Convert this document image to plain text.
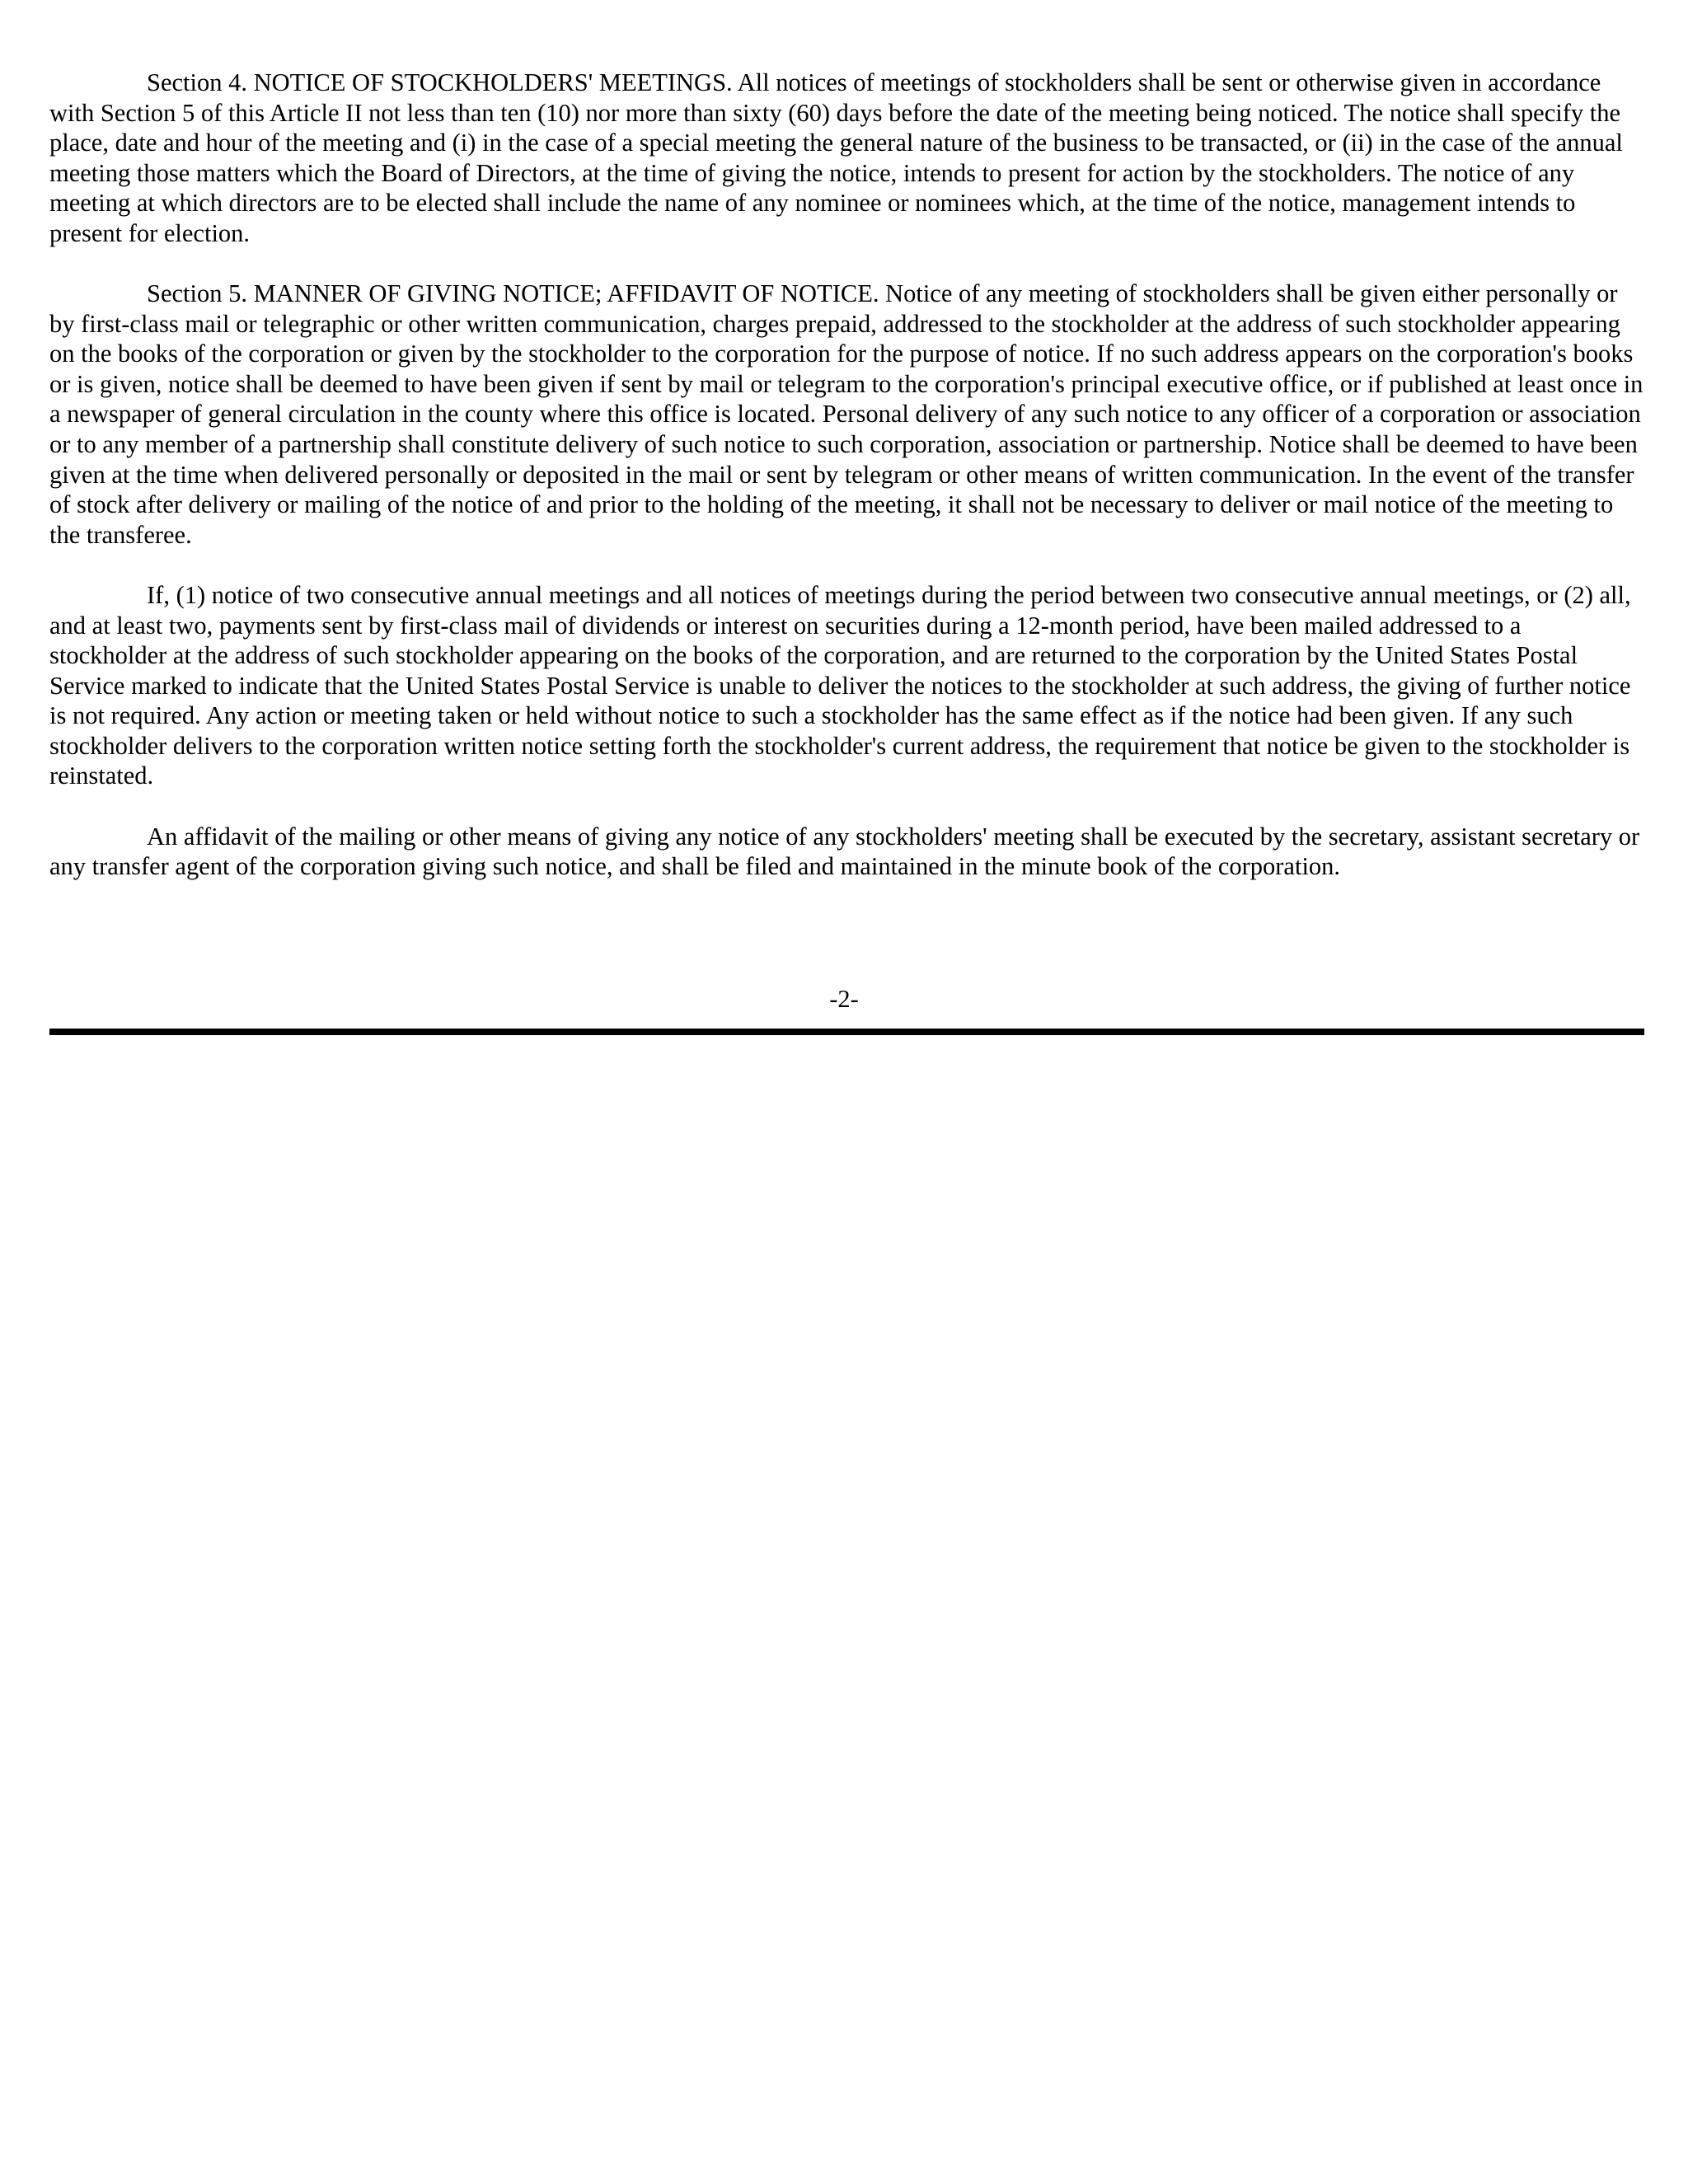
Section 4. NOTICE OF STOCKHOLDERS' MEETINGS. All notices of meetings of stockholders shall be sent or otherwise given in accordance with Section 5 of this Article II not less than ten (10) nor more than sixty (60) days before the date of the meeting being noticed. The notice shall specify the place, date and hour of the meeting and (i) in the case of a special meeting the general nature of the business to be transacted, or (ii) in the case of the annual meeting those matters which the Board of Directors, at the time of giving the notice, intends to present for action by the stockholders. The notice of any meeting at which directors are to be elected shall include the name of any nominee or nominees which, at the time of the notice, management intends to present for election.

Section 5. MANNER OF GIVING NOTICE; AFFIDAVIT OF NOTICE. Notice of any meeting of stockholders shall be given either personally or by first-class mail or telegraphic or other written communication, charges prepaid, addressed to the stockholder at the address of such stockholder appearing on the books of the corporation or given by the stockholder to the corporation for the purpose of notice. If no such address appears on the corporation's books or is given, notice shall be deemed to have been given if sent by mail or telegram to the corporation's principal executive office, or if published at least once in a newspaper of general circulation in the county where this office is located. Personal delivery of any such notice to any officer of a corporation or association or to any member of a partnership shall constitute delivery of such notice to such corporation, association or partnership. Notice shall be deemed to have been given at the time when delivered personally or deposited in the mail or sent by telegram or other means of written communication. In the event of the transfer of stock after delivery or mailing of the notice of and prior to the holding of the meeting, it shall not be necessary to deliver or mail notice of the meeting to the transferee.

If, (1) notice of two consecutive annual meetings and all notices of meetings during the period between two consecutive annual meetings, or (2) all, and at least two, payments sent by first-class mail of dividends or interest on securities during a 12-month period, have been mailed addressed to a stockholder at the address of such stockholder appearing on the books of the corporation, and are returned to the corporation by the United States Postal Service marked to indicate that the United States Postal Service is unable to deliver the notices to the stockholder at such address, the giving of further notice is not required. Any action or meeting taken or held without notice to such a stockholder has the same effect as if the notice had been given. If any such stockholder delivers to the corporation written notice setting forth the stockholder's current address, the requirement that notice be given to the stockholder is reinstated.

An affidavit of the mailing or other means of giving any notice of any stockholders' meeting shall be executed by the secretary, assistant secretary or any transfer agent of the corporation giving such notice, and shall be filed and maintained in the minute book of the corporation.

-2-
